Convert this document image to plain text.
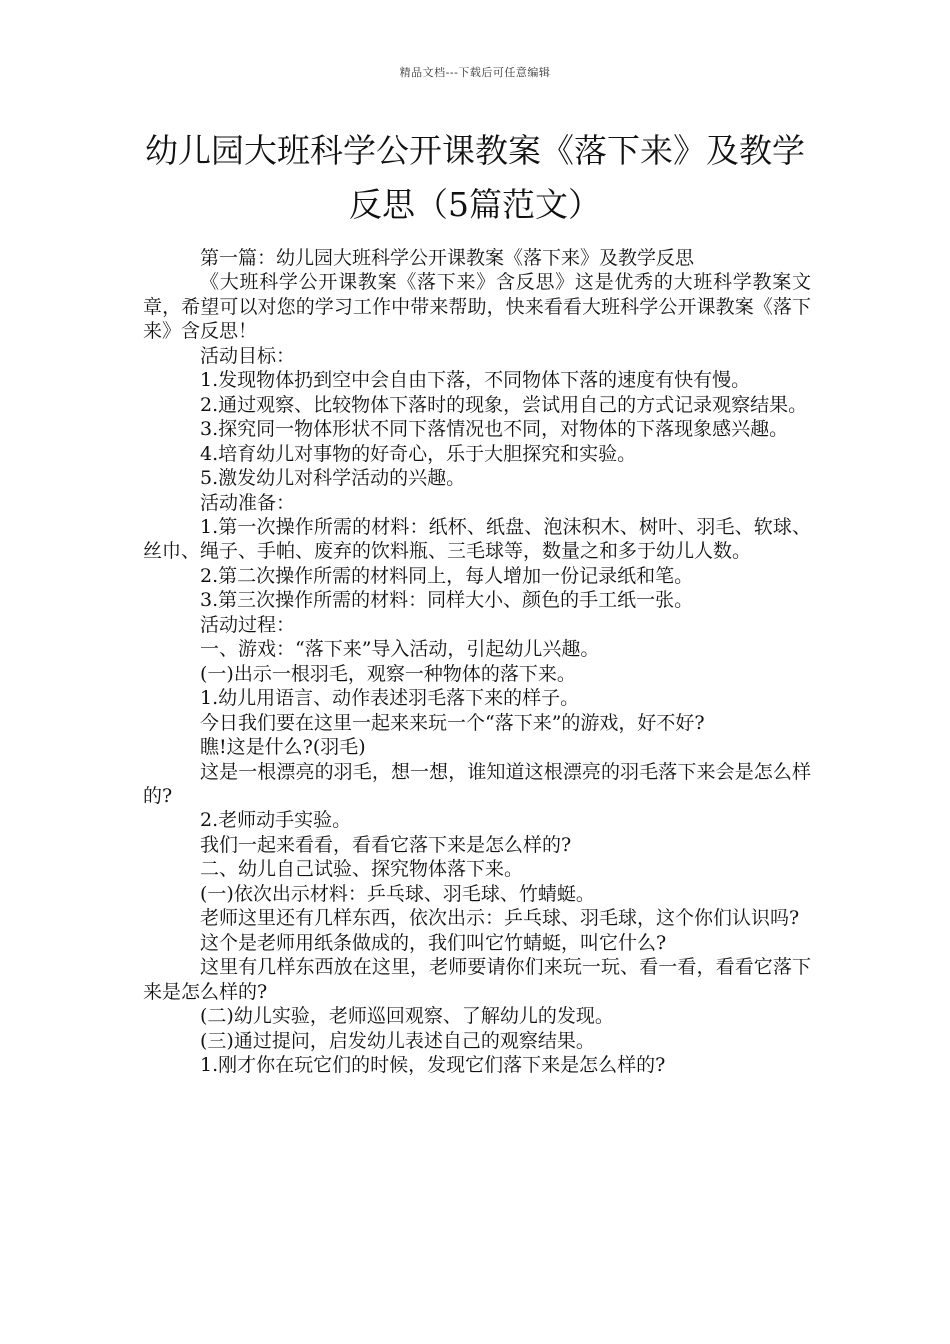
精品文档---下载后可任意编辑
幼儿园大班科学公开课教案《落下来》及教学反思（5篇范文）

第一篇：幼儿园大班科学公开课教案《落下来》及教学反思

《大班科学公开课教案《落下来》含反思》这是优秀的大班科学教案文章，希望可以对您的学习工作中带来帮助，快来看看大班科学公开课教案《落下来》含反思！

活动目标：

1.发现物体扔到空中会自由下落，不同物体下落的速度有快有慢。

2.通过观察、比较物体下落时的现象，尝试用自己的方式记录观察结果。

3.探究同一物体形状不同下落情况也不同，对物体的下落现象感兴趣。

4.培育幼儿对事物的好奇心，乐于大胆探究和实验。

5.激发幼儿对科学活动的兴趣。

活动准备：

1.第一次操作所需的材料：纸杯、纸盘、泡沫积木、树叶、羽毛、软球、丝巾、绳子、手帕、废弃的饮料瓶、三毛球等，数量之和多于幼儿人数。

2.第二次操作所需的材料同上，每人增加一份记录纸和笔。

3.第三次操作所需的材料：同样大小、颜色的手工纸一张。

活动过程：

一、游戏：“落下来”导入活动，引起幼儿兴趣。

(一)出示一根羽毛，观察一种物体的落下来。

1.幼儿用语言、动作表述羽毛落下来的样子。

今日我们要在这里一起来来玩一个“落下来”的游戏，好不好?

瞧!这是什么?(羽毛)

这是一根漂亮的羽毛，想一想，谁知道这根漂亮的羽毛落下来会是怎么样的?

2.老师动手实验。

我们一起来看看，看看它落下来是怎么样的?

二、幼儿自己试验、探究物体落下来。

(一)依次出示材料：乒乓球、羽毛球、竹蜻蜓。

老师这里还有几样东西，依次出示：乒乓球、羽毛球，这个你们认识吗?

这个是老师用纸条做成的，我们叫它竹蜻蜓，叫它什么?

这里有几样东西放在这里，老师要请你们来玩一玩、看一看，看看它落下来是怎么样的?

(二)幼儿实验，老师巡回观察、了解幼儿的发现。

(三)通过提问，启发幼儿表述自己的观察结果。

1.刚才你在玩它们的时候，发现它们落下来是怎么样的?
